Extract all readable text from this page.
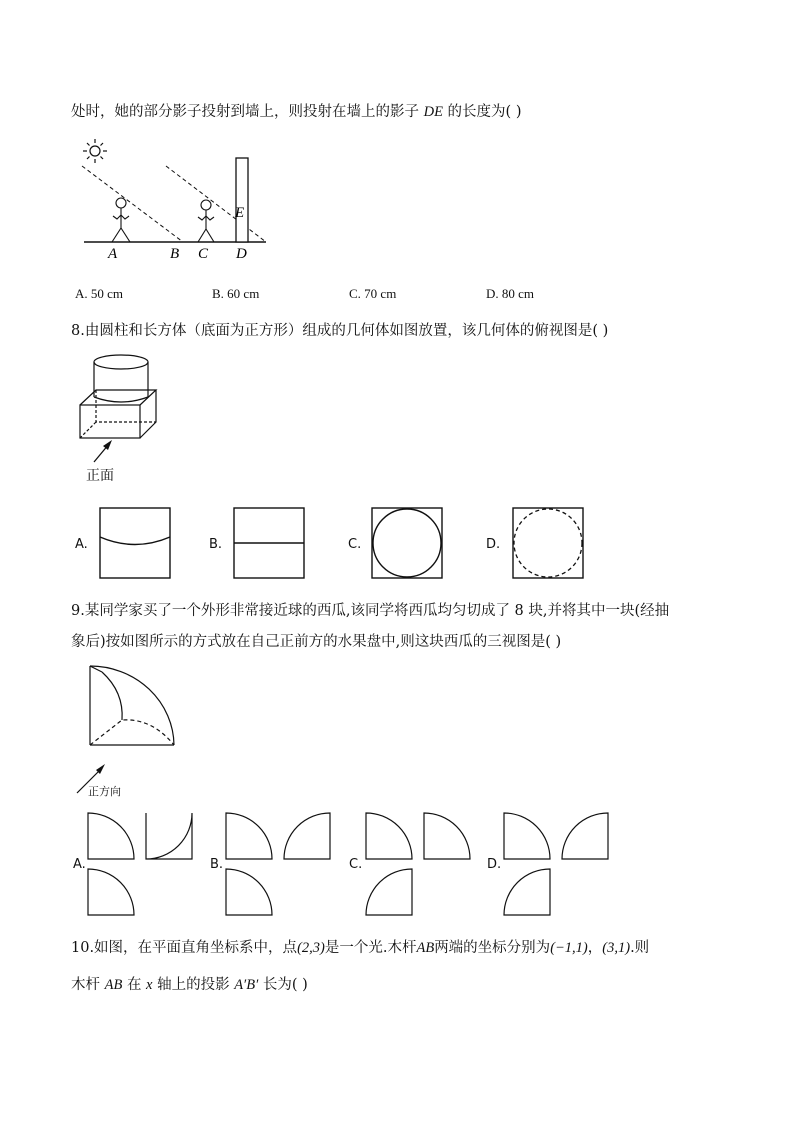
处时，她的部分影子投射到墙上，则投射在墙上的影子 DE 的长度为( )
A	B C D
E
A. 50 cm	B. 60 cm	C. 70 cm	D. 80 cm
8.由圆柱和长方体（底面为正方形）组成的几何体如图放置，该几何体的俯视图是( )
正面
A.	B.	C.	D.
9.某同学家买了一个外形非常接近球的西瓜,该同学将西瓜均匀切成了 8 块,并将其中一块(经抽
象后)按如图所示的方式放在自己正前方的水果盘中,则这块西瓜的三视图是( )
正方向
A.	B.	C.	D.
10.如图，在平面直角坐标系中，点(2,3)是一个光.木杆AB两端的坐标分别为(−1,1)，(3,1).则
木杆 AB 在 x 轴上的投影 A′B′ 长为( )
